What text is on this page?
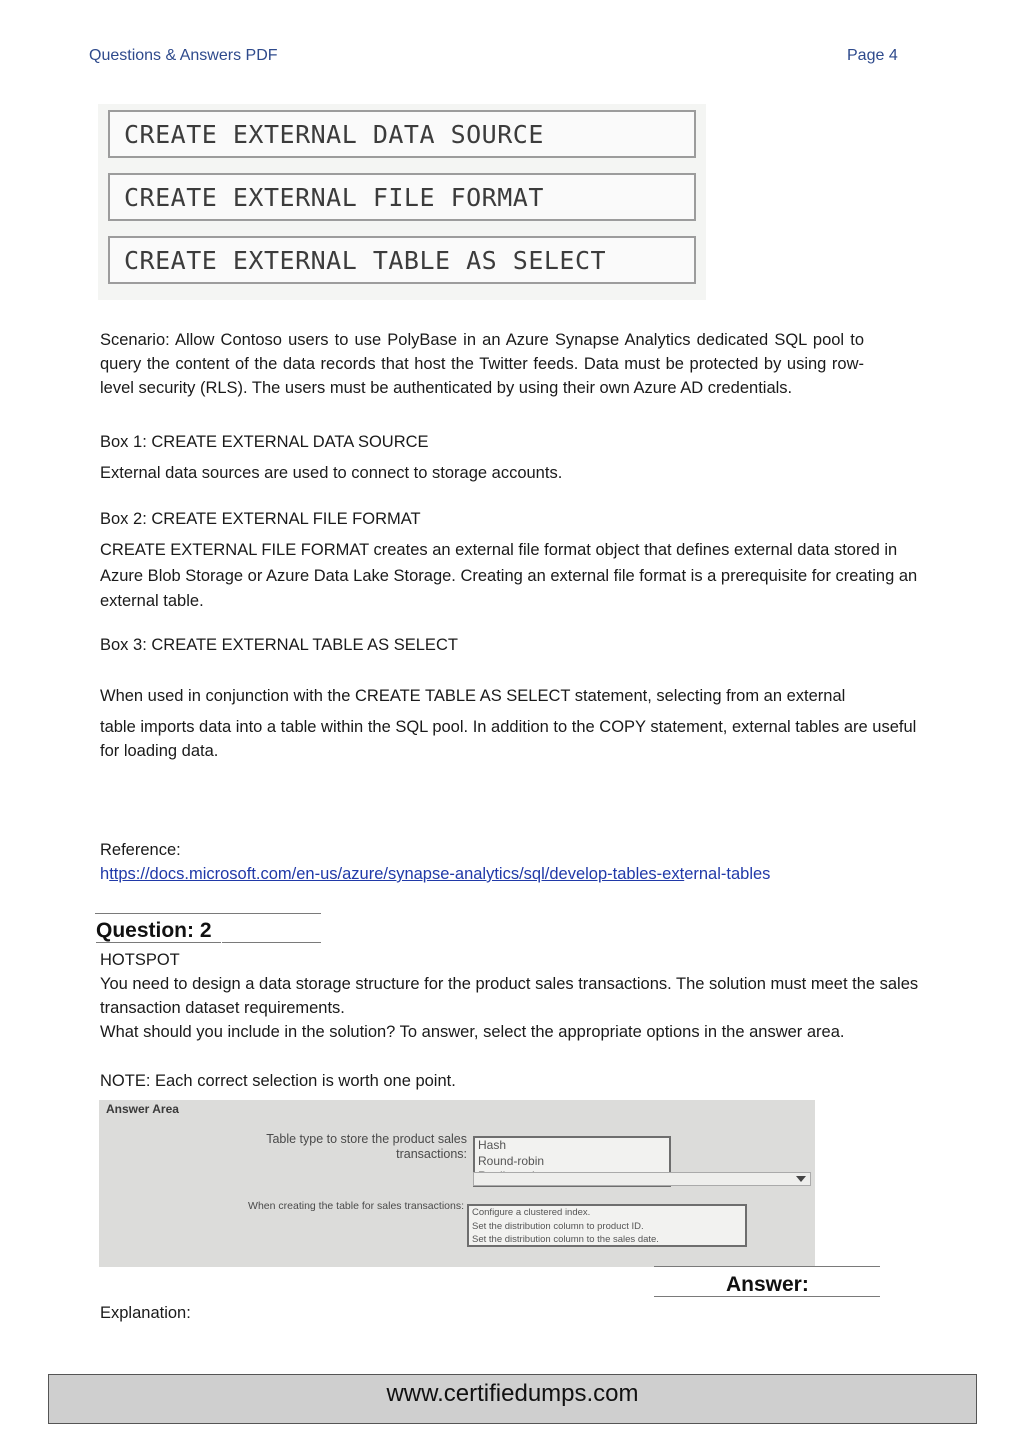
Questions & Answers PDF	Page 4
CREATE EXTERNAL DATA SOURCE
CREATE EXTERNAL FILE FORMAT
CREATE EXTERNAL TABLE AS SELECT

Scenario: Allow Contoso users to use PolyBase in an Azure Synapse Analytics dedicated SQL pool to query the content of the data records that host the Twitter feeds. Data must be protected by using row-level security (RLS). The users must be authenticated by using their own Azure AD credentials.

Box 1: CREATE EXTERNAL DATA SOURCE

External data sources are used to connect to storage accounts.

Box 2: CREATE EXTERNAL FILE FORMAT

CREATE EXTERNAL FILE FORMAT creates an external file format object that defines external data stored in Azure Blob Storage or Azure Data Lake Storage. Creating an external file format is a prerequisite for creating an external table.

Box 3: CREATE EXTERNAL TABLE AS SELECT

When used in conjunction with the CREATE TABLE AS SELECT statement, selecting from an external

table imports data into a table within the SQL pool. In addition to the COPY statement, external tables are useful for loading data.

Reference:

https://docs.microsoft.com/en-us/azure/synapse-analytics/sql/develop-tables-external-tables

Question: 2

HOTSPOT

You need to design a data storage structure for the product sales transactions. The solution must meet the sales transaction dataset requirements.

What should you include in the solution? To answer, select the appropriate options in the answer area.

NOTE: Each correct selection is worth one point.

Answer Area
Table type to store the product sales
transactions:
Hash
Round-robin
When creating the table for sales transactions:
Configure a clustered index.
Set the distribution column to product ID.
Set the distribution column to the sales date.
Answer:

Explanation:

www.certifiedumps.com
